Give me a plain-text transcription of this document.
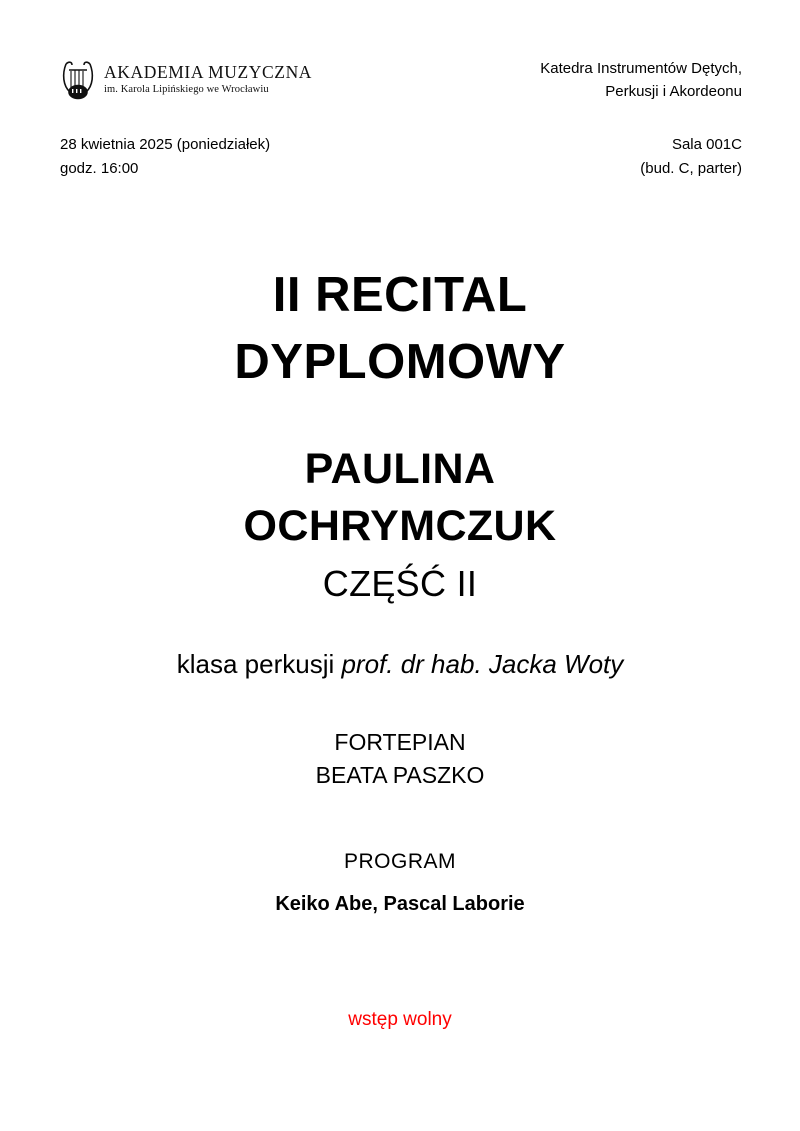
AKADEMIA MUZYCZNA
im. Karola Lipińskiego we Wrocławiu
Katedra Instrumentów Dętych,
Perkusji i Akordeonu
28 kwietnia 2025 (poniedziałek)
godz. 16:00
Sala 001C
(bud. C, parter)
II RECITAL
DYPLOMOWY
PAULINA
OCHRYMCZUK
CZĘŚĆ II
klasa perkusji prof. dr hab. Jacka Woty
FORTEPIAN
BEATA PASZKO
PROGRAM
Keiko Abe, Pascal Laborie
wstęp wolny
